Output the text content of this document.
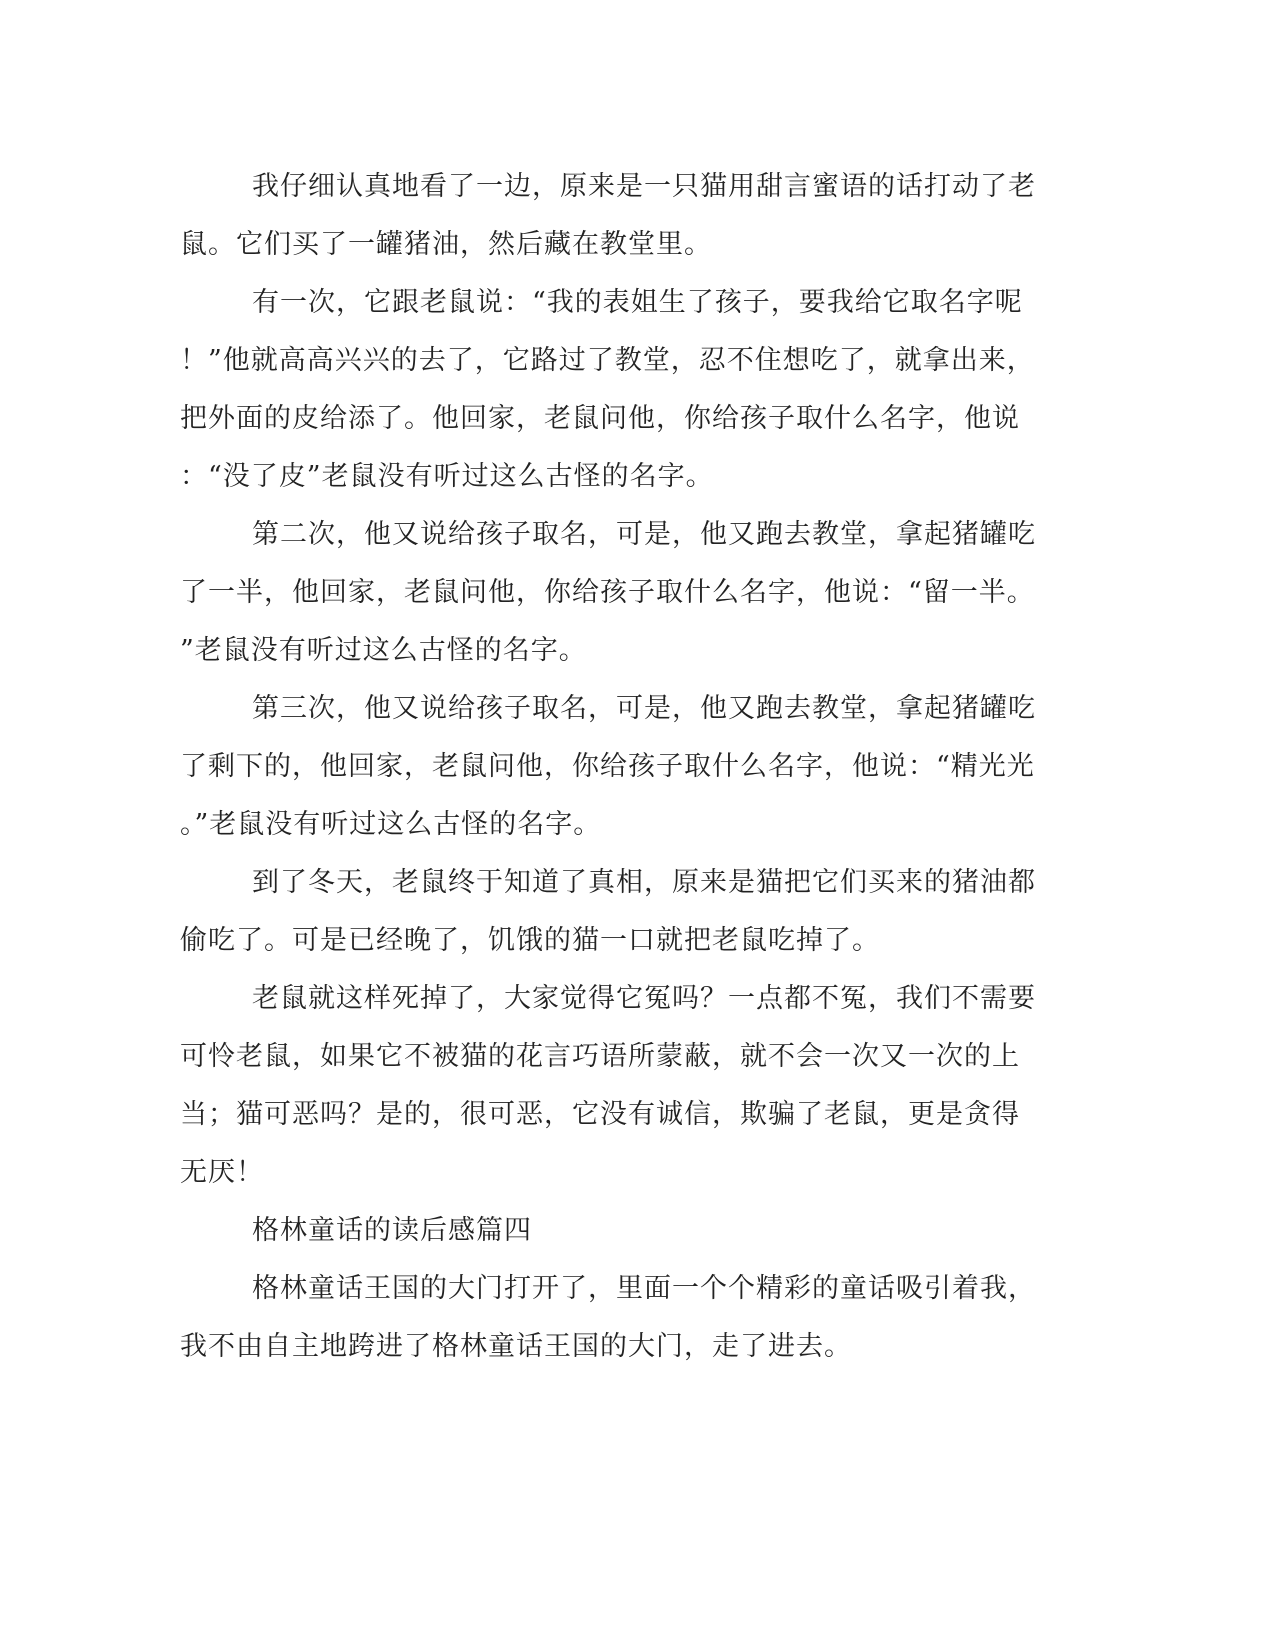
我仔细认真地看了一边，原来是一只猫用甜言蜜语的话打动了老
鼠。它们买了一罐猪油，然后藏在教堂里。
有一次，它跟老鼠说：“我的表姐生了孩子，要我给它取名字呢
！”他就高高兴兴的去了，它路过了教堂，忍不住想吃了，就拿出来，
把外面的皮给添了。他回家，老鼠问他，你给孩子取什么名字，他说
：“没了皮”老鼠没有听过这么古怪的名字。
第二次，他又说给孩子取名，可是，他又跑去教堂，拿起猪罐吃
了一半，他回家，老鼠问他，你给孩子取什么名字，他说：“留一半。
”老鼠没有听过这么古怪的名字。
第三次，他又说给孩子取名，可是，他又跑去教堂，拿起猪罐吃
了剩下的，他回家，老鼠问他，你给孩子取什么名字，他说：“精光光
。”老鼠没有听过这么古怪的名字。
到了冬天，老鼠终于知道了真相，原来是猫把它们买来的猪油都
偷吃了。可是已经晚了，饥饿的猫一口就把老鼠吃掉了。
老鼠就这样死掉了，大家觉得它冤吗？一点都不冤，我们不需要
可怜老鼠，如果它不被猫的花言巧语所蒙蔽，就不会一次又一次的上
当；猫可恶吗？是的，很可恶，它没有诚信，欺骗了老鼠，更是贪得
无厌！
格林童话的读后感篇四
格林童话王国的大门打开了，里面一个个精彩的童话吸引着我，
我不由自主地跨进了格林童话王国的大门，走了进去。
